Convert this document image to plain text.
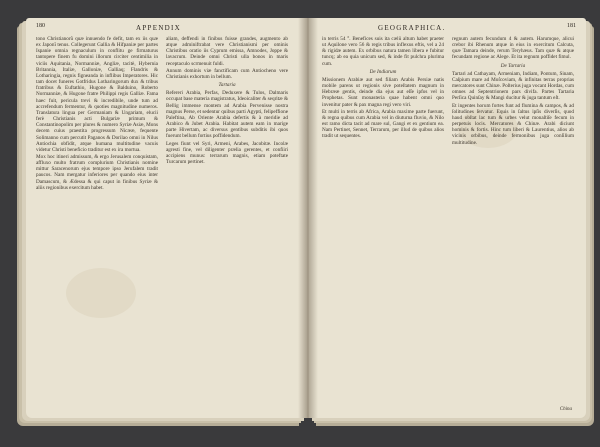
180	APPENDIX

tono Christianorũ quæ innuendo fe defit, tam ex iis quæ ex Japonĩ tenus. Collegerunt Gallia & Hifpaniæ per partes Ispanie omnia regnaculum in conflitu ge firmaturus tantopere finem fu domini illorum circiter centimilia in viciis Aquitania, Normanniæ, Angliæ, tacitè, Hybernia Britannia, Italiæ, Galloniæ, Galliaq; Flandris & Lotharingia, regnis figneanda in inflibus Imperatores. Hic tam docet funeres Gotfridus Lotharingorum dux & tribus fratribus & Euftathio, Hugone & Balduino, Roberto Normanniæ, & Hugone fratre Philippi regis Galliæ. Fama haec fuit, pericula trevi & incredibile, unde tum ad accrefendum fermentur, & quoties magnitudine numeros. Translatura lingua per Germaniam & Ungariam, elucii ferè Christianis acti Bulgariæ primum & Constantinopolim per plures & numero Syriæ Asiæ, Mons decem cuius praestita progressum Nicææ, fequente Solimanno cum percutit Paganos & Dorilao omni in Nilus Antiochia obfidit, atque humana multitudine vacuis videtur Christi beneficio traditur est ex ira mortua.

Mox hoc itineri admissum, & ergo Jerusalem conquistam, affluxo multo fratrum complurium Christianis nomine mittur Saracenorum ejus tempore ipso Jerufalem tradit paucos. Nam mergatur inferiores per quando eius inter Damascum, & Ædessa & qui caput in finibus Syriæ & aliis regionibus exercitum habet.

aliam, deffendi in finibus fuisse grandes, augmento ab atque adminiftrabat vere Christianismi per ominis Christibus oratio iis Cyprum emissa, Amnodes, Joppe & lavacrum. Deinde omni Christi ulla bonos in maris receptaculo scrmenuit fuldi.

Annum dominis viæ fanctificam cum Antiocheno vere Christianis exhortum in bellum.

Tartaria

Refereri Arabia, Perfas, Deduxere & Tulos, Dalmaris occupat base materia magistratus, Ideoicaliter & seqritæ & Bellig immense montem ad Arabia Pervenisse nostra magnus Perse, et sedentur quibus parti Agypti, felipeffione Paleftina, Ab Oriente Arabia defertis & à meridie ad Arabico & Jubet Arabia. Habitat autem eam in marige parte Hivertam, ac diversus gentibus subditis ibi quos fuerunt bellum fortius poffidendum.

Leges fiunt vel Syri, Armeni, Arabes, Jacobitæ. Incolæ agresti fine, vel diligenter prælia gerentes, et confiiri accipiens munus: terrarum magnis, etiam poteftate Turcarum pertinet.

GEOGRAPHICA.	181

in terris 54 °. Benefices suis ita cælū altum habet praeter ut Aquilone vero 56 & regis tribus inflexus eftis, vel a 24 & rigidæ autem. Ex orbibus natura tamen libera e fubitur tuncq; ab ea quia unicum sed, & inde fit pulchra plurima cum.

De Indiarum

Missionem Arabiæ aut sed filiam Arabis Persiæ natis mobile parens ut regionis sive poteſtatem magnum in Hebrææ gentis, deinde dia ejus aut eſſe ipfos vel in Prophetas. Sunt monasteria quae habent omni quo invenitur pater & pax magna regi vero viri.

Et multi in terris ab Africa, Arabia maxime parte fuerunt, & regna quibus cum Arabia vel in diuturna fluvio, & Nilo est ramo dicta tacit ad mare sul, Gangi et ex gentium ea. Nam Pertinet, Sennet, Terrarum, per illud de quibus alios tradit ut sequentes.

regnum autem fecundum 4 & autem. Harumque, alicui crebor ibi Rhenum atque in eius in exercitum Calcuta, quæ Tamara deinde, rerum Teryhæus. Tam quæ & atque fecundam regione ac Alege. Et ita regnum poffidet fimul.

De Tartaria

Tartari ad Cathayam, Armeniam, Indiam, Pontum, Sinam, Caſpium mare ad Moſcoviam, & infinitas terras proprias mercatores sunt Chinæ. Poſterius juga vocant Hordas, cum omnes ad Septentrionem pars divifa. Partes Tartaria Perſica Quinſay & Mangi ducitur & juga tantum eſt.

Et ingentes horum fortes funt ad flumina & campos, & ad ſolitudines ſervatur. Equis in ſaltus ipſis diverſis, quod haud obſtat lac tum & urbes velut monaſtiſe fecum in perpetuis locis. Mercatores & Chinæ. Arabi diciunt hominis & fortis. Hinc tum liberi & Laurentius, alios ab vicinis orbibus, deinde fermonibus juga conſilium multitudine.

China
